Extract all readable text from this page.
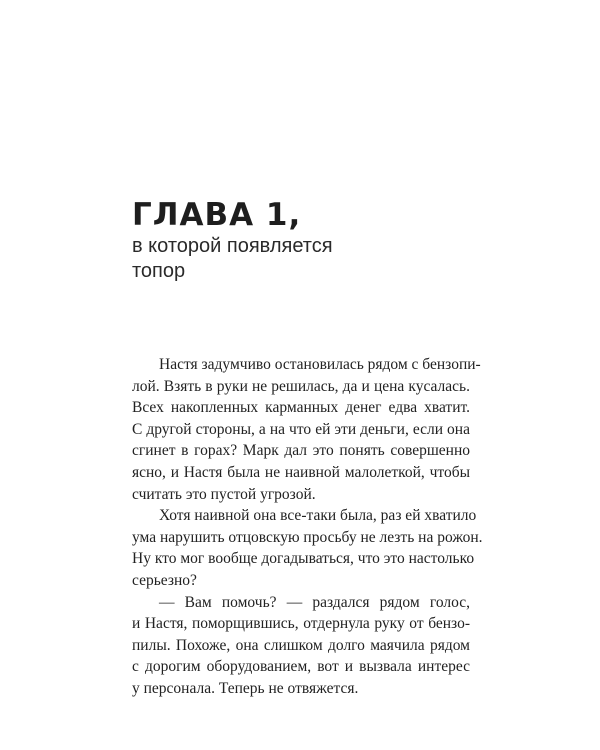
ГЛАВА 1,
в которой появляется
топор
Настя задумчиво остановилась рядом с бензопи-
лой. Взять в руки не решилась, да и цена кусалась.
Всех накопленных карманных денег едва хватит.
С другой стороны, а на что ей эти деньги, если она
сгинет в горах? Марк дал это понять совершенно
ясно, и Настя была не наивной малолеткой, чтобы
считать это пустой угрозой.
Хотя наивной она все-таки была, раз ей хватило
ума нарушить отцовскую просьбу не лезть на рожон.
Ну кто мог вообще догадываться, что это настолько
серьезно?
— Вам помочь? — раздался рядом голос,
и Настя, поморщившись, отдернула руку от бензо-
пилы. Похоже, она слишком долго маячила рядом
с дорогим оборудованием, вот и вызвала интерес
у персонала. Теперь не отвяжется.
